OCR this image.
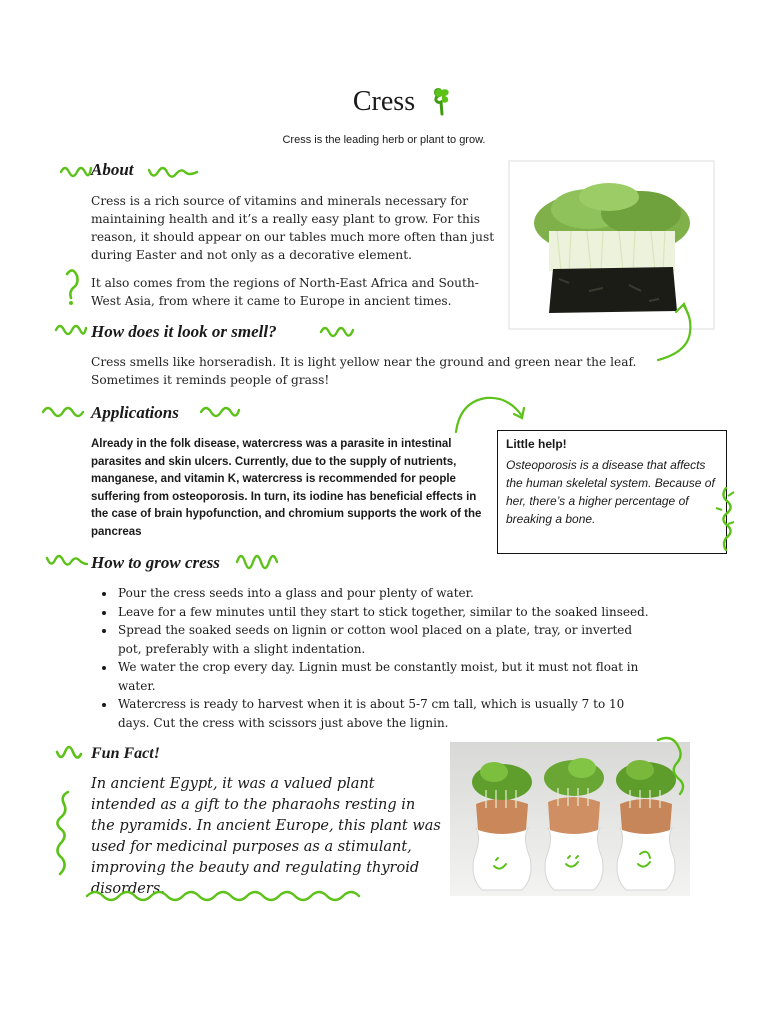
Cress
Cress is the leading herb or plant to grow.
About
Cress is a rich source of vitamins and minerals necessary for maintaining health and it’s a really easy plant to grow. For this reason, it should appear on our tables much more often than just during Easter and not only as a decorative element.
It also comes from the regions of North-East Africa and South-West Asia, from where it came to Europe in ancient times.
How does it look or smell?
Cress smells like horseradish. It is light yellow near the ground and green near the leaf. Sometimes it reminds people of grass!
Applications
Already in the folk disease, watercress was a parasite in intestinal parasites and skin ulcers. Currently, due to the supply of nutrients, manganese, and vitamin K, watercress is recommended for people suffering from osteoporosis. In turn, its iodine has beneficial effects in the case of brain hypofunction, and chromium supports the work of the pancreas
Little help!
Osteoporosis is a disease that affects the human skeletal system. Because of her, there’s a higher percentage of breaking a bone.
How to grow cress
• Pour the cress seeds into a glass and pour plenty of water.
• Leave for a few minutes until they start to stick together, similar to the soaked linseed.
• Spread the soaked seeds on lignin or cotton wool placed on a plate, tray, or inverted pot, preferably with a slight indentation.
• We water the crop every day. Lignin must be constantly moist, but it must not float in water.
• Watercress is ready to harvest when it is about 5-7 cm tall, which is usually 7 to 10 days. Cut the cress with scissors just above the lignin.
Fun Fact!
In ancient Egypt, it was a valued plant intended as a gift to the pharaohs resting in the pyramids. In ancient Europe, this plant was used for medicinal purposes as a stimulant, improving the beauty and regulating thyroid disorders.
